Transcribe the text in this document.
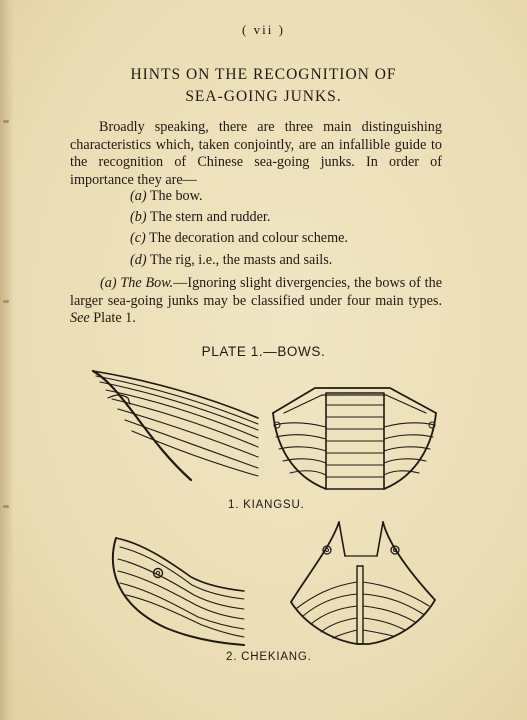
( vii )
HINTS ON THE RECOGNITION OF
SEA-GOING JUNKS.
Broadly speaking, there are three main distinguishing characteristics which, taken conjointly, are an infallible guide to the recognition of Chinese sea-going junks. In order of importance they are—
(a) The bow.
(b) The stern and rudder.
(c) The decoration and colour scheme.
(d) The rig, i.e., the masts and sails.
(a) The Bow.—Ignoring slight divergencies, the bows of the larger sea-going junks may be classified under four main types. See Plate 1.
PLATE 1.—BOWS.
1. KIANGSU.
2. CHEKIANG.
